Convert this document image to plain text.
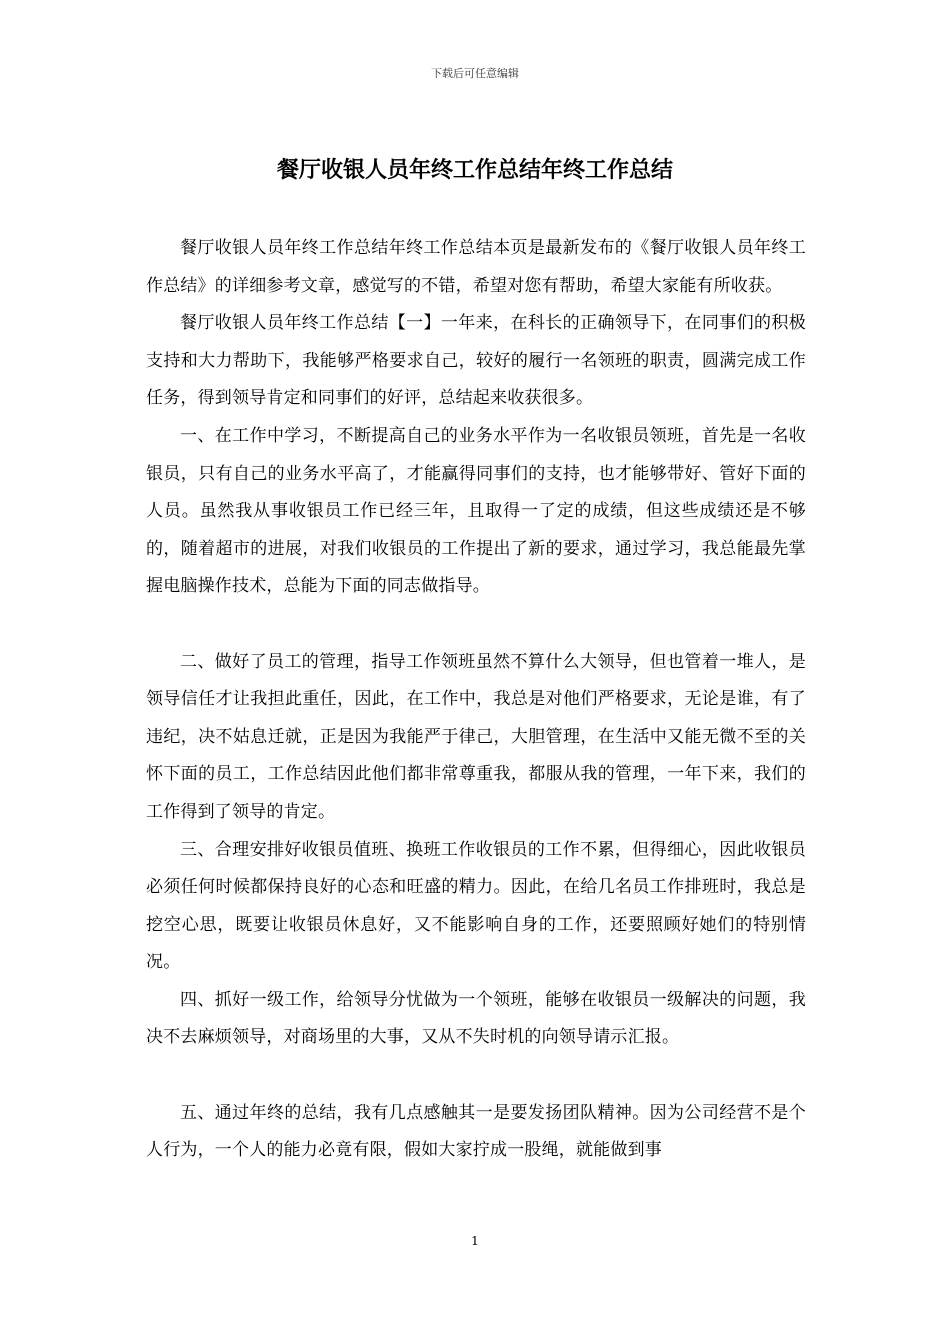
下载后可任意编辑
餐厅收银人员年终工作总结年终工作总结

餐厅收银人员年终工作总结年终工作总结本页是最新发布的《餐厅收银人员年终工作总结》的详细参考文章，感觉写的不错，希望对您有帮助，希望大家能有所收获。

餐厅收银人员年终工作总结【一】一年来，在科长的正确领导下，在同事们的积极支持和大力帮助下，我能够严格要求自己，较好的履行一名领班的职责，圆满完成工作任务，得到领导肯定和同事们的好评，总结起来收获很多。

一、在工作中学习，不断提高自己的业务水平作为一名收银员领班，首先是一名收银员，只有自己的业务水平高了，才能赢得同事们的支持，也才能够带好、管好下面的人员。虽然我从事收银员工作已经三年，且取得一了定的成绩，但这些成绩还是不够的，随着超市的进展，对我们收银员的工作提出了新的要求，通过学习，我总能最先掌握电脑操作技术，总能为下面的同志做指导。

二、做好了员工的管理，指导工作领班虽然不算什么大领导，但也管着一堆人，是领导信任才让我担此重任，因此，在工作中，我总是对他们严格要求，无论是谁，有了违纪，决不姑息迁就，正是因为我能严于律己，大胆管理，在生活中又能无微不至的关怀下面的员工，工作总结因此他们都非常尊重我，都服从我的管理，一年下来，我们的工作得到了领导的肯定。

三、合理安排好收银员值班、换班工作收银员的工作不累，但得细心，因此收银员必须任何时候都保持良好的心态和旺盛的精力。因此，在给几名员工作排班时，我总是挖空心思，既要让收银员休息好，又不能影响自身的工作，还要照顾好她们的特别情况。

四、抓好一级工作，给领导分忧做为一个领班，能够在收银员一级解决的问题，我决不去麻烦领导，对商场里的大事，又从不失时机的向领导请示汇报。

五、通过年终的总结，我有几点感触其一是要发扬团队精神。因为公司经营不是个人行为，一个人的能力必竟有限，假如大家拧成一股绳，就能做到事

1
